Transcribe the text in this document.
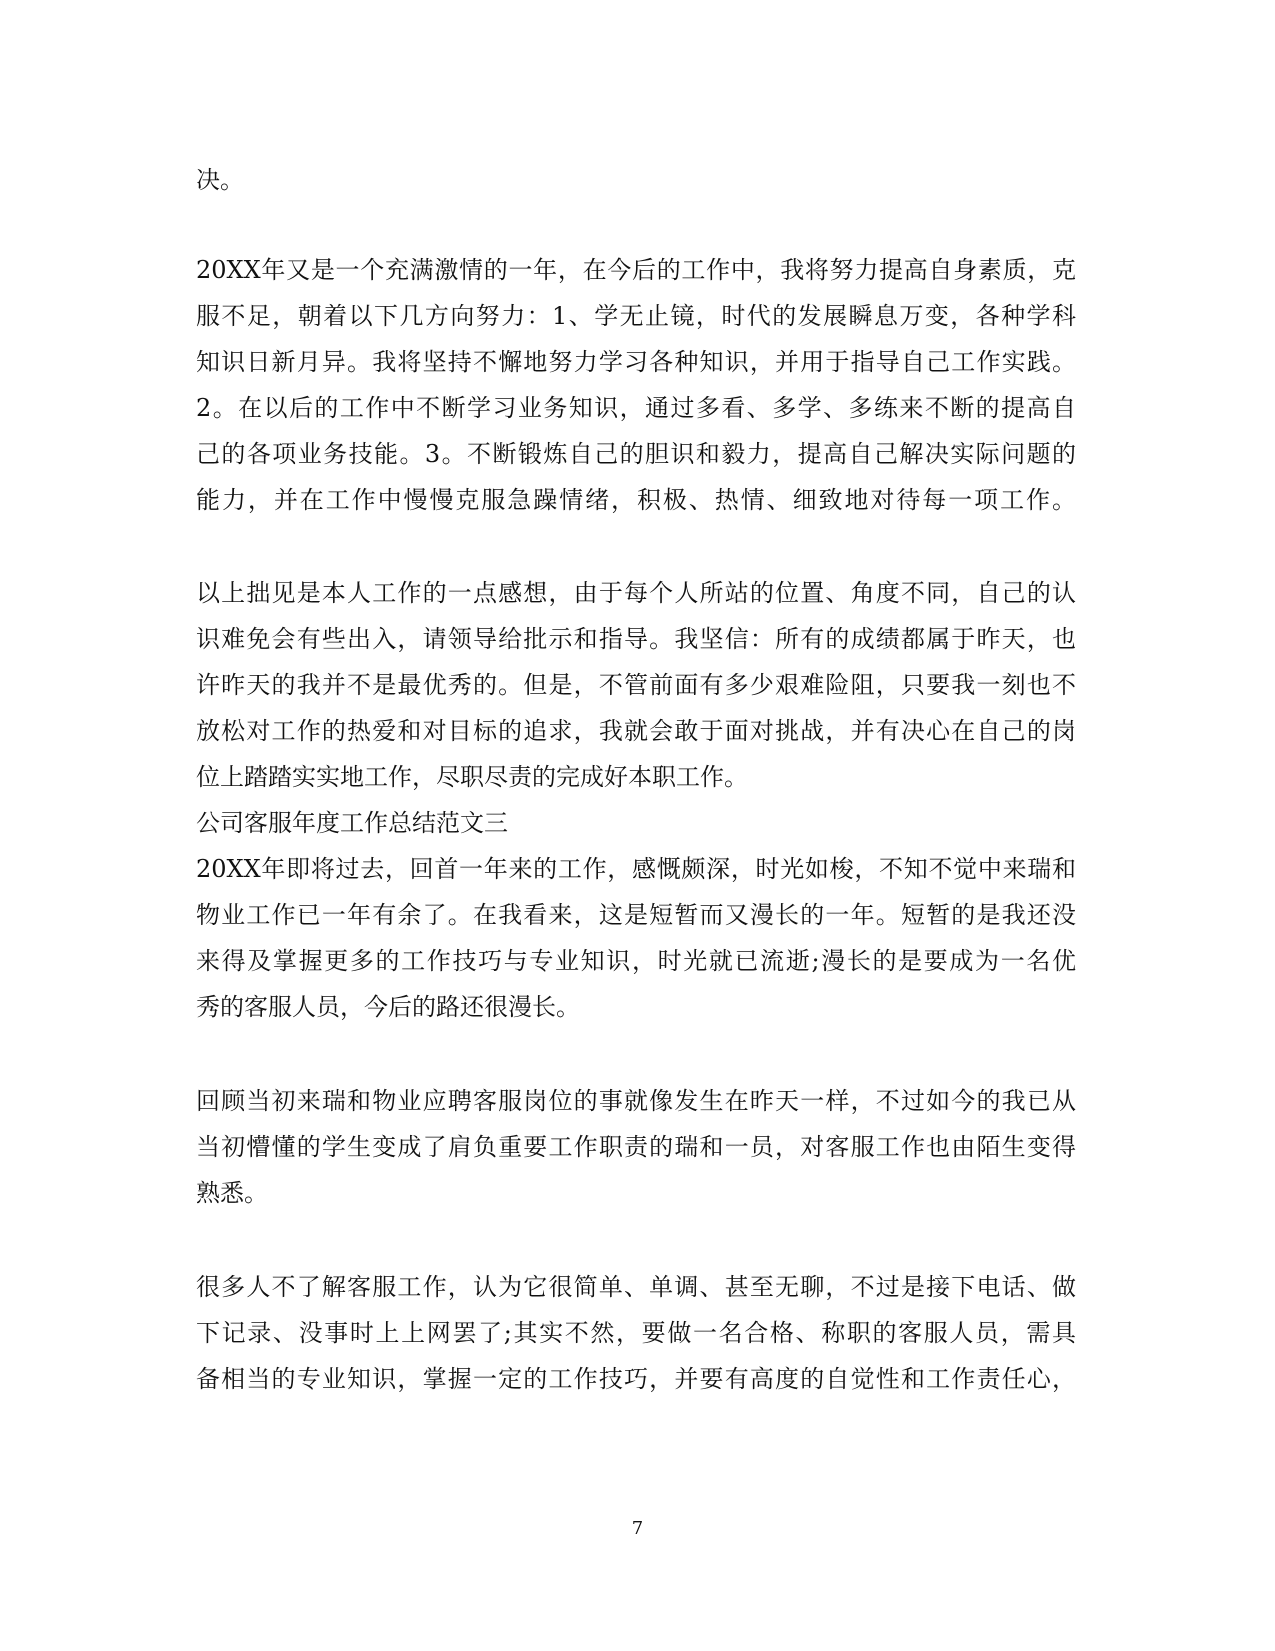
决。
20XX年又是一个充满激情的一年，在今后的工作中，我将努力提高自身素质，克
服不足，朝着以下几方向努力：1、学无止镜，时代的发展瞬息万变，各种学科
知识日新月异。我将坚持不懈地努力学习各种知识，并用于指导自己工作实践。
2。在以后的工作中不断学习业务知识，通过多看、多学、多练来不断的提高自
己的各项业务技能。3。不断锻炼自己的胆识和毅力，提高自己解决实际问题的
能力，并在工作中慢慢克服急躁情绪，积极、热情、细致地对待每一项工作。
以上拙见是本人工作的一点感想，由于每个人所站的位置、角度不同，自己的认
识难免会有些出入，请领导给批示和指导。我坚信：所有的成绩都属于昨天，也
许昨天的我并不是最优秀的。但是，不管前面有多少艰难险阻，只要我一刻也不
放松对工作的热爱和对目标的追求，我就会敢于面对挑战，并有决心在自己的岗
位上踏踏实实地工作，尽职尽责的完成好本职工作。
公司客服年度工作总结范文三
20XX年即将过去，回首一年来的工作，感慨颇深，时光如梭，不知不觉中来瑞和
物业工作已一年有余了。在我看来，这是短暂而又漫长的一年。短暂的是我还没
来得及掌握更多的工作技巧与专业知识，时光就已流逝;漫长的是要成为一名优
秀的客服人员，今后的路还很漫长。
回顾当初来瑞和物业应聘客服岗位的事就像发生在昨天一样，不过如今的我已从
当初懵懂的学生变成了肩负重要工作职责的瑞和一员，对客服工作也由陌生变得
熟悉。
很多人不了解客服工作，认为它很简单、单调、甚至无聊，不过是接下电话、做
下记录、没事时上上网罢了;其实不然，要做一名合格、称职的客服人员，需具
备相当的专业知识，掌握一定的工作技巧，并要有高度的自觉性和工作责任心，
7
